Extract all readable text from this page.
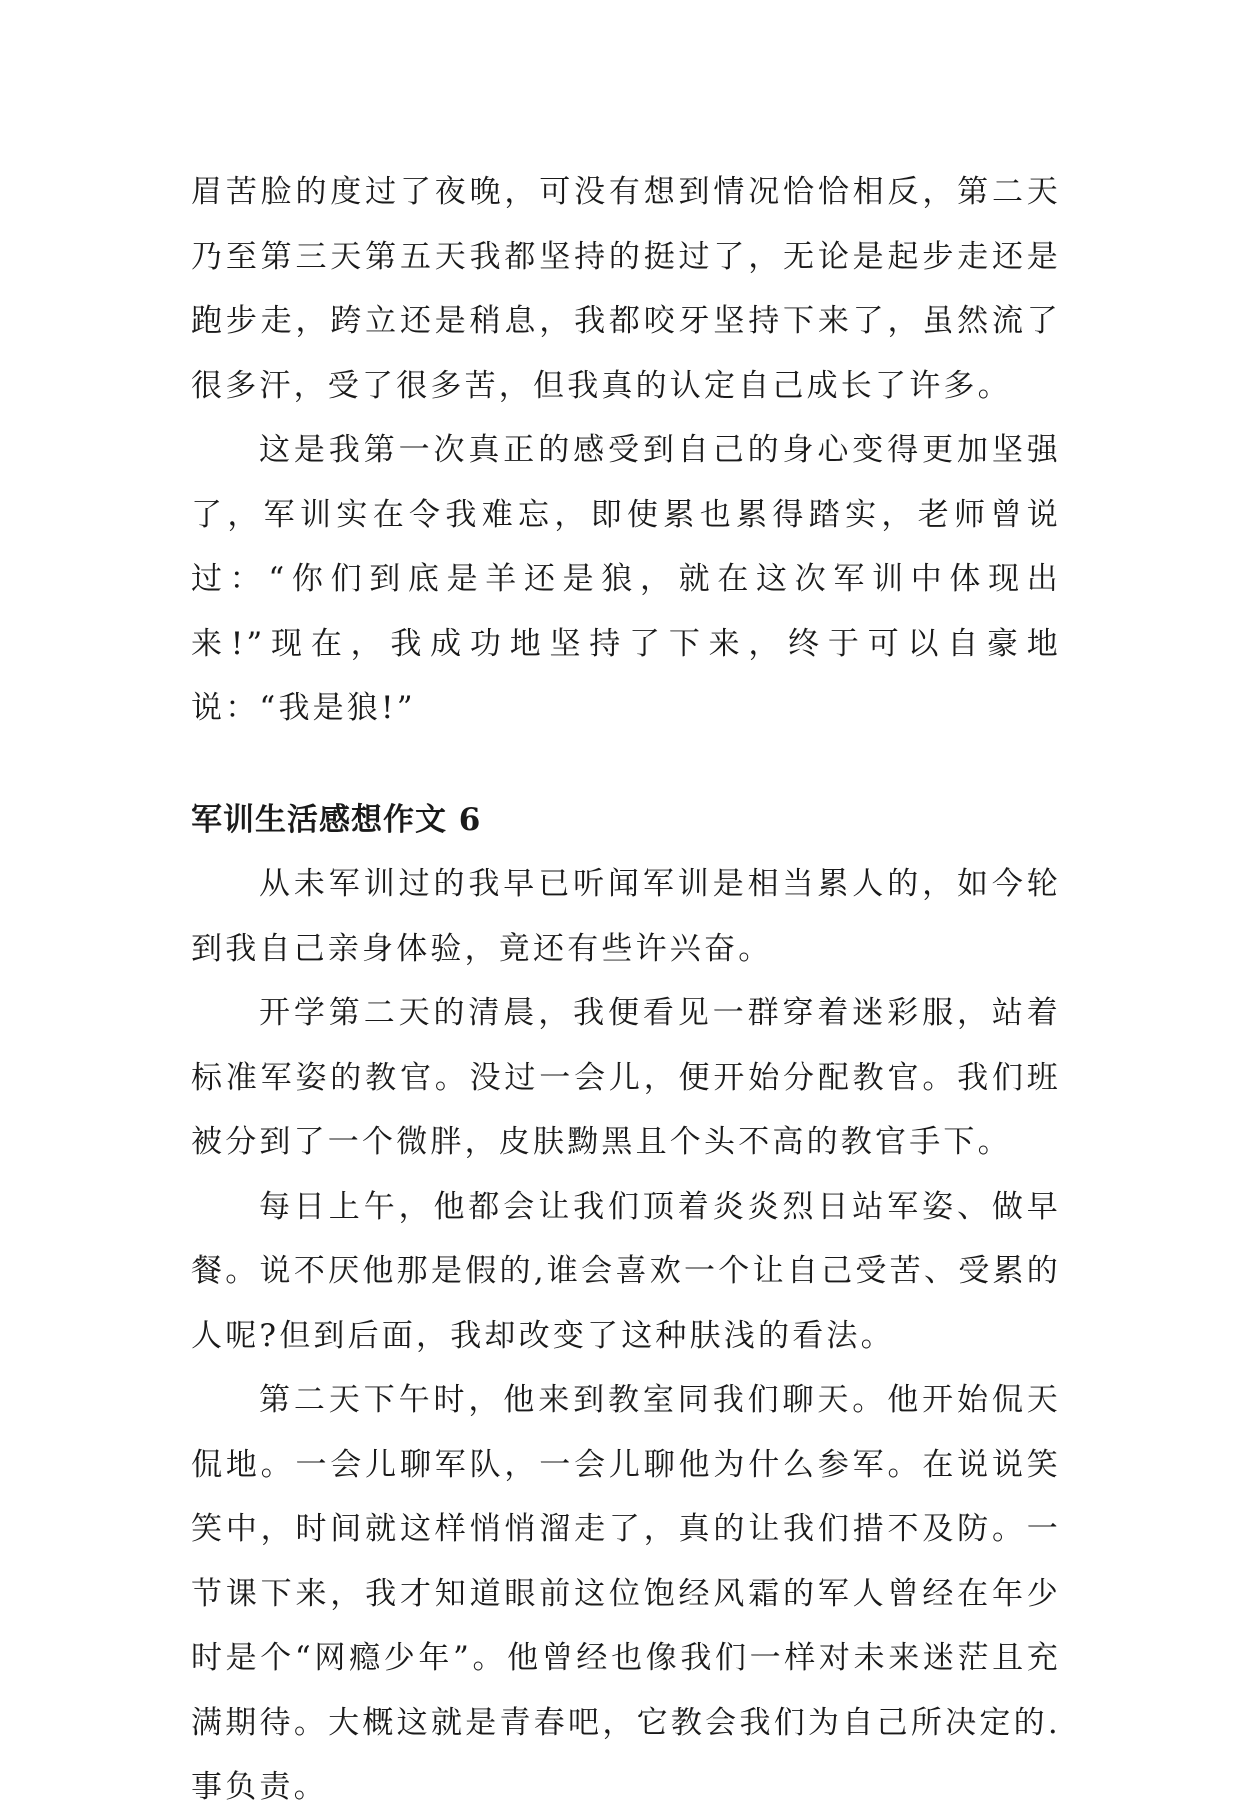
眉苦脸的度过了夜晚，可没有想到情况恰恰相反，第二天乃至第三天第五天我都坚持的挺过了，无论是起步走还是跑步走，跨立还是稍息，我都咬牙坚持下来了，虽然流了很多汗，受了很多苦，但我真的认定自己成长了许多。

这是我第一次真正的感受到自己的身心变得更加坚强了，军训实在令我难忘，即使累也累得踏实，老师曾说过：“你们到底是羊还是狼，就在这次军训中体现出来!”现在，我成功地坚持了下来，终于可以自豪地说：“我是狼!”

军训生活感想作文 6

从未军训过的我早已听闻军训是相当累人的，如今轮到我自己亲身体验，竟还有些许兴奋。

开学第二天的清晨，我便看见一群穿着迷彩服，站着标准军姿的教官。没过一会儿，便开始分配教官。我们班被分到了一个微胖，皮肤黝黑且个头不高的教官手下。

每日上午，他都会让我们顶着炎炎烈日站军姿、做早餐。说不厌他那是假的,谁会喜欢一个让自己受苦、受累的人呢?但到后面，我却改变了这种肤浅的看法。

第二天下午时，他来到教室同我们聊天。他开始侃天侃地。一会儿聊军队，一会儿聊他为什么参军。在说说笑笑中，时间就这样悄悄溜走了，真的让我们措不及防。一节课下来，我才知道眼前这位饱经风霜的军人曾经在年少时是个“网瘾少年”。他曾经也像我们一样对未来迷茫且充满期待。大概这就是青春吧，它教会我们为自己所决定的.事负责。
